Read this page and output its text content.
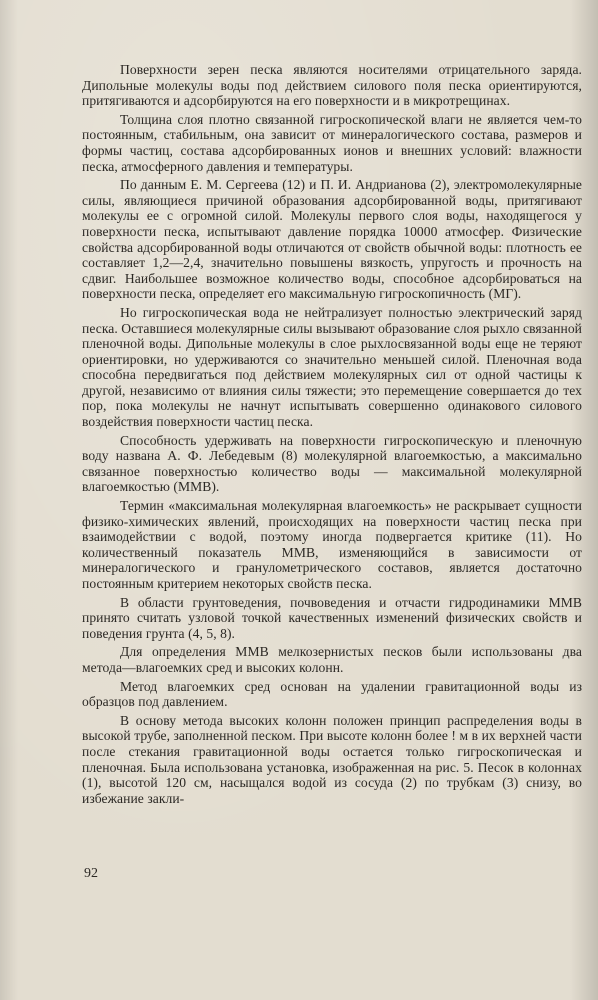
Поверхности зерен песка являются носителями отрицательного заряда. Дипольные молекулы воды под действием силового поля песка ориентируются, притягиваются и адсорбируются на его поверхности и в микротрещинах.

Толщина слоя плотно связанной гигроскопической влаги не является чем-то постоянным, стабильным, она зависит от минералогического состава, размеров и формы частиц, состава адсорбированных ионов и внешних условий: влажности песка, атмосферного давления и температуры.

По данным Е. М. Сергеева (12) и П. И. Андрианова (2), электромолекулярные силы, являющиеся причиной образования адсорбированной воды, притягивают молекулы ее с огромной силой. Молекулы первого слоя воды, находящегося у поверхности песка, испытывают давление порядка 10000 атмосфер. Физические свойства адсорбированной воды отличаются от свойств обычной воды: плотность ее составляет 1,2—2,4, значительно повышены вязкость, упругость и прочность на сдвиг. Наибольшее возможное количество воды, способное адсорбироваться на поверхности песка, определяет его максимальную гигроскопичность (МГ).

Но гигроскопическая вода не нейтрализует полностью электрический заряд песка. Оставшиеся молекулярные силы вызывают образование слоя рыхло связанной пленочной воды. Дипольные молекулы в слое рыхлосвязанной воды еще не теряют ориентировки, но удерживаются со значительно меньшей силой. Пленочная вода способна передвигаться под действием молекулярных сил от одной частицы к другой, независимо от влияния силы тяжести; это перемещение совершается до тех пор, пока молекулы не начнут испытывать совершенно одинакового силового воздействия поверхности частиц песка.

Способность удерживать на поверхности гигроскопическую и пленочную воду названа А. Ф. Лебедевым (8) молекулярной влагоемкостью, а максимально связанное поверхностью количество воды — максимальной молекулярной влагоемкостью (ММВ).

Термин «максимальная молекулярная влагоемкость» не раскрывает сущности физико-химических явлений, происходящих на поверхности частиц песка при взаимодействии с водой, поэтому иногда подвергается критике (11). Но количественный показатель ММВ, изменяющийся в зависимости от минералогического и гранулометрического составов, является достаточно постоянным критерием некоторых свойств песка.

В области грунтоведения, почвоведения и отчасти гидродинамики ММВ принято считать узловой точкой качественных изменений физических свойств и поведения грунта (4, 5, 8).

Для определения ММВ мелкозернистых песков были использованы два метода—влагоемких сред и высоких колонн.

Метод влагоемких сред основан на удалении гравитационной воды из образцов под давлением.

В основу метода высоких колонн положен принцип распределения воды в высокой трубе, заполненной песком. При высоте колонн более ! м в их верхней части после стекания гравитационной воды остается только гигроскопическая и пленочная. Была использована установка, изображенная на рис. 5. Песок в колоннах (1), высотой 120 см, насыщался водой из сосуда (2) по трубкам (3) снизу, во избежание закли-

92
